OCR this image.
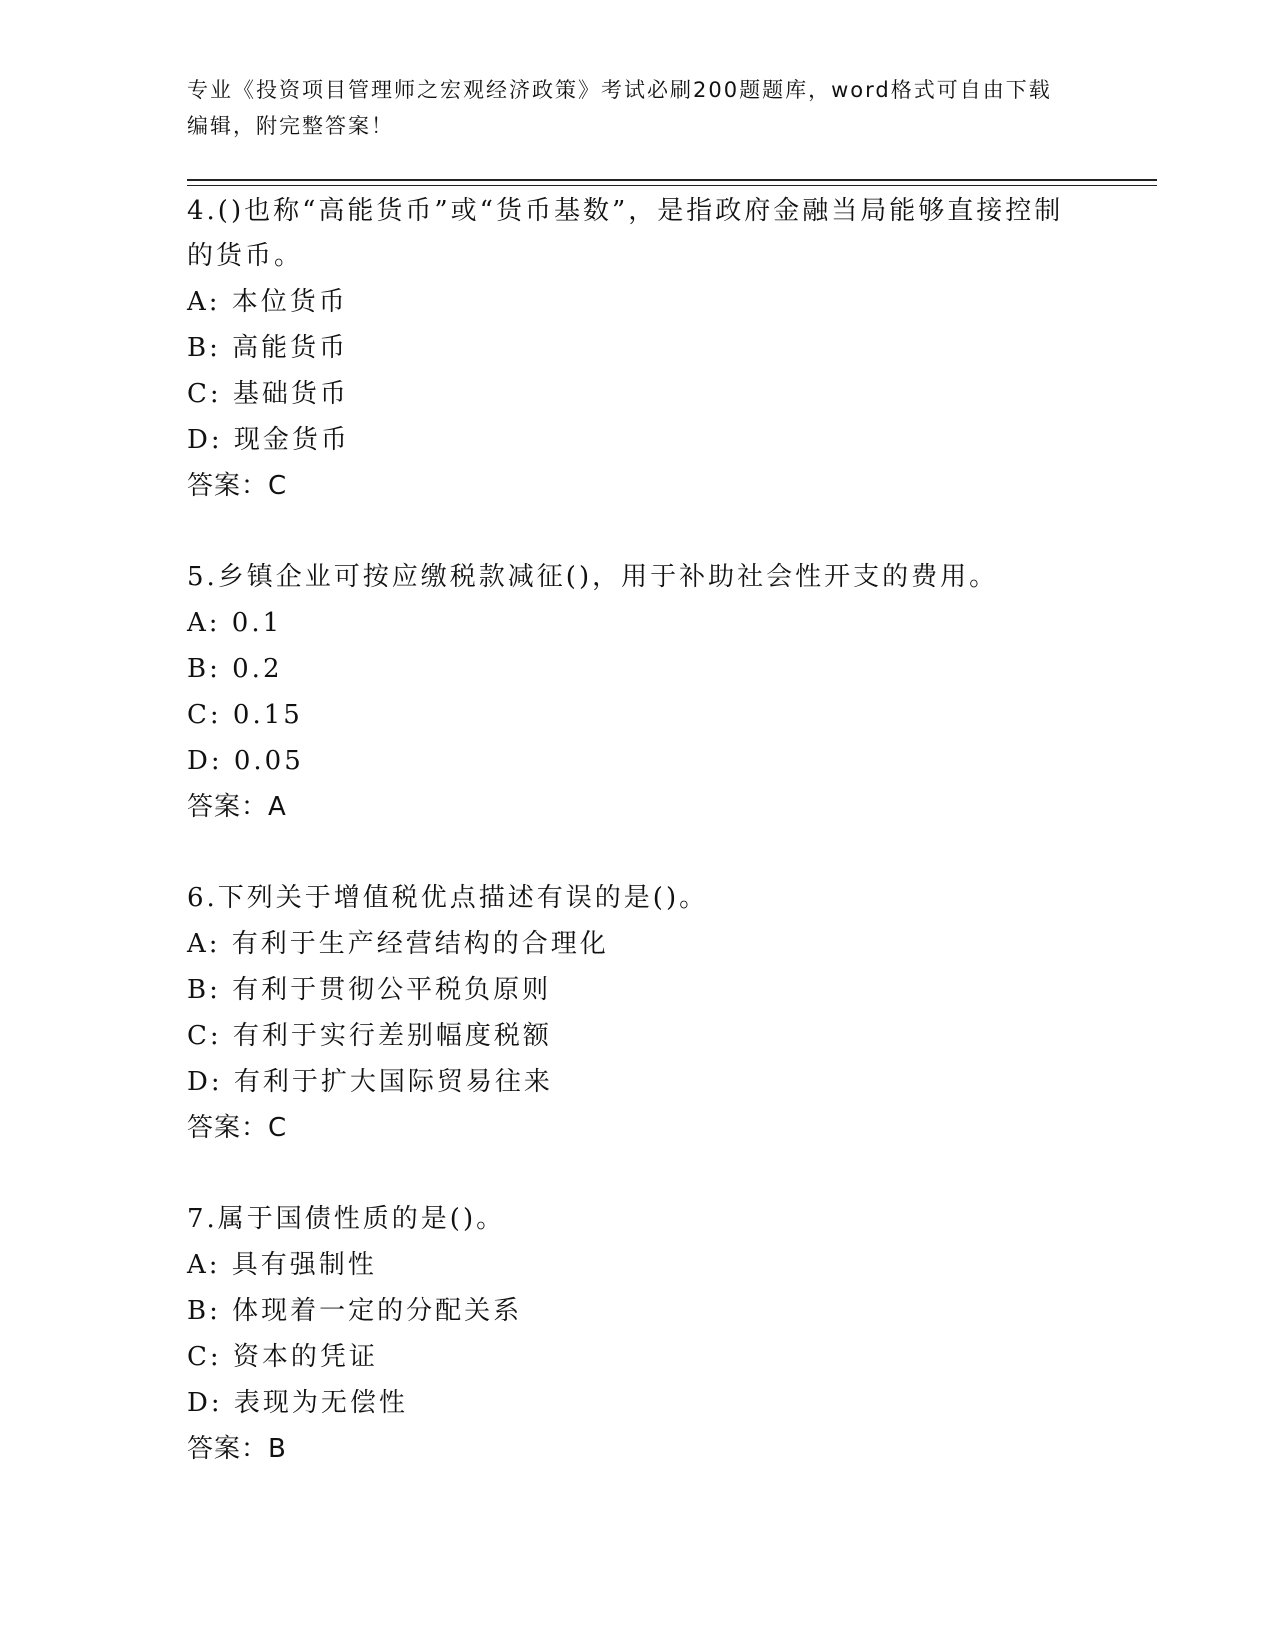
专业《投资项目管理师之宏观经济政策》考试必刷200题题库，word格式可自由下载编辑，附完整答案！
4.()也称“高能货币”或“货币基数”，是指政府金融当局能够直接控制的货币。
A: 本位货币
B: 高能货币
C: 基础货币
D: 现金货币
答案：C
5.乡镇企业可按应缴税款减征()，用于补助社会性开支的费用。
A: 0.1
B: 0.2
C: 0.15
D: 0.05
答案：A
6.下列关于增值税优点描述有误的是()。
A: 有利于生产经营结构的合理化
B: 有利于贯彻公平税负原则
C: 有利于实行差别幅度税额
D: 有利于扩大国际贸易往来
答案：C
7.属于国债性质的是()。
A: 具有强制性
B: 体现着一定的分配关系
C: 资本的凭证
D: 表现为无偿性
答案：B
